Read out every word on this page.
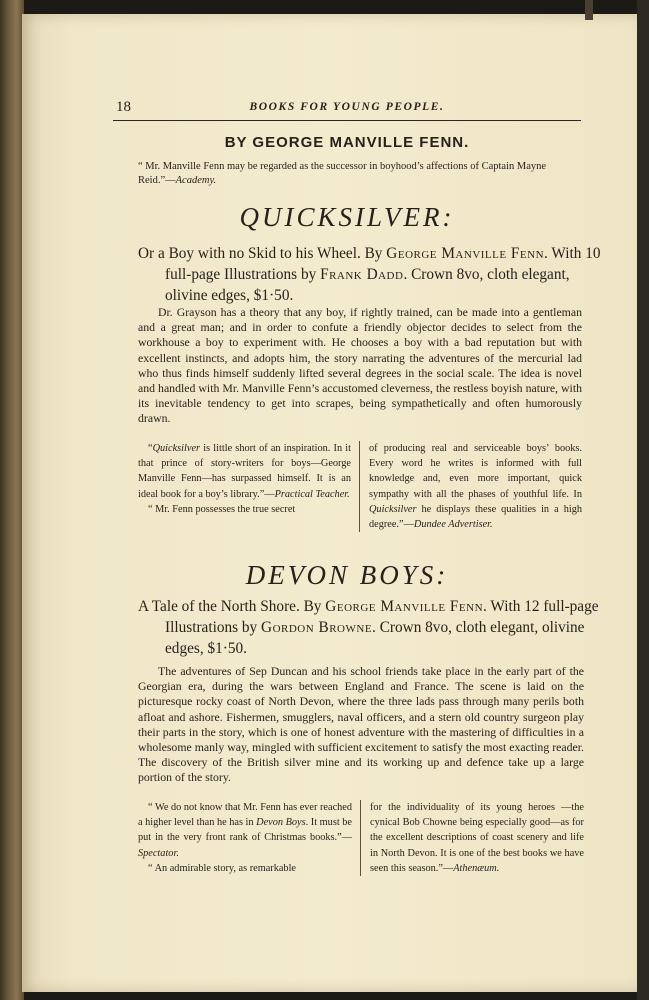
18	BOOKS FOR YOUNG PEOPLE.
BY GEORGE MANVILLE FENN.
“ Mr. Manville Fenn may be regarded as the successor in boyhood’s affections of Captain Mayne Reid.”—Academy.
QUICKSILVER:
Or a Boy with no Skid to his Wheel. By George Manville Fenn. With 10 full-page Illustrations by Frank Dadd. Crown 8vo, cloth elegant, olivine edges, $1·50.

Dr. Grayson has a theory that any boy, if rightly trained, can be made into a gentleman and a great man; and in order to confute a friendly objector decides to select from the workhouse a boy to experiment with. He chooses a boy with a bad reputation but with excellent instincts, and adopts him, the story narrating the adventures of the mercurial lad who thus finds himself suddenly lifted several degrees in the social scale. The idea is novel and handled with Mr. Manville Fenn’s accustomed cleverness, the restless boyish nature, with its inevitable tendency to get into scrapes, being sympathetically and often humorously drawn.

“Quicksilver is little short of an inspiration. In it that prince of story-writers for boys—George Manville Fenn—has surpassed himself. It is an ideal book for a boy’s library.”—Practical Teacher.

“ Mr. Fenn possesses the true secret

of producing real and serviceable boys’ books. Every word he writes is informed with full knowledge and, even more important, quick sympathy with all the phases of youthful life. In Quicksilver he displays these qualities in a high degree.”—Dundee Advertiser.

DEVON BOYS:
A Tale of the North Shore. By George Manville Fenn. With 12 full-page Illustrations by Gordon Browne. Crown 8vo, cloth elegant, olivine edges, $1·50.

The adventures of Sep Duncan and his school friends take place in the early part of the Georgian era, during the wars between England and France. The scene is laid on the picturesque rocky coast of North Devon, where the three lads pass through many perils both afloat and ashore. Fishermen, smugglers, naval officers, and a stern old country surgeon play their parts in the story, which is one of honest adventure with the mastering of difficulties in a wholesome manly way, mingled with sufficient excitement to satisfy the most exacting reader. The discovery of the British silver mine and its working up and defence take up a large portion of the story.

“ We do not know that Mr. Fenn has ever reached a higher level than he has in Devon Boys. It must be put in the very front rank of Christmas books.”—Spectator.

“ An admirable story, as remarkable

for the individuality of its young heroes —the cynical Bob Chowne being especially good—as for the excellent descriptions of coast scenery and life in North Devon. It is one of the best books we have seen this season.”—Athenæum.
